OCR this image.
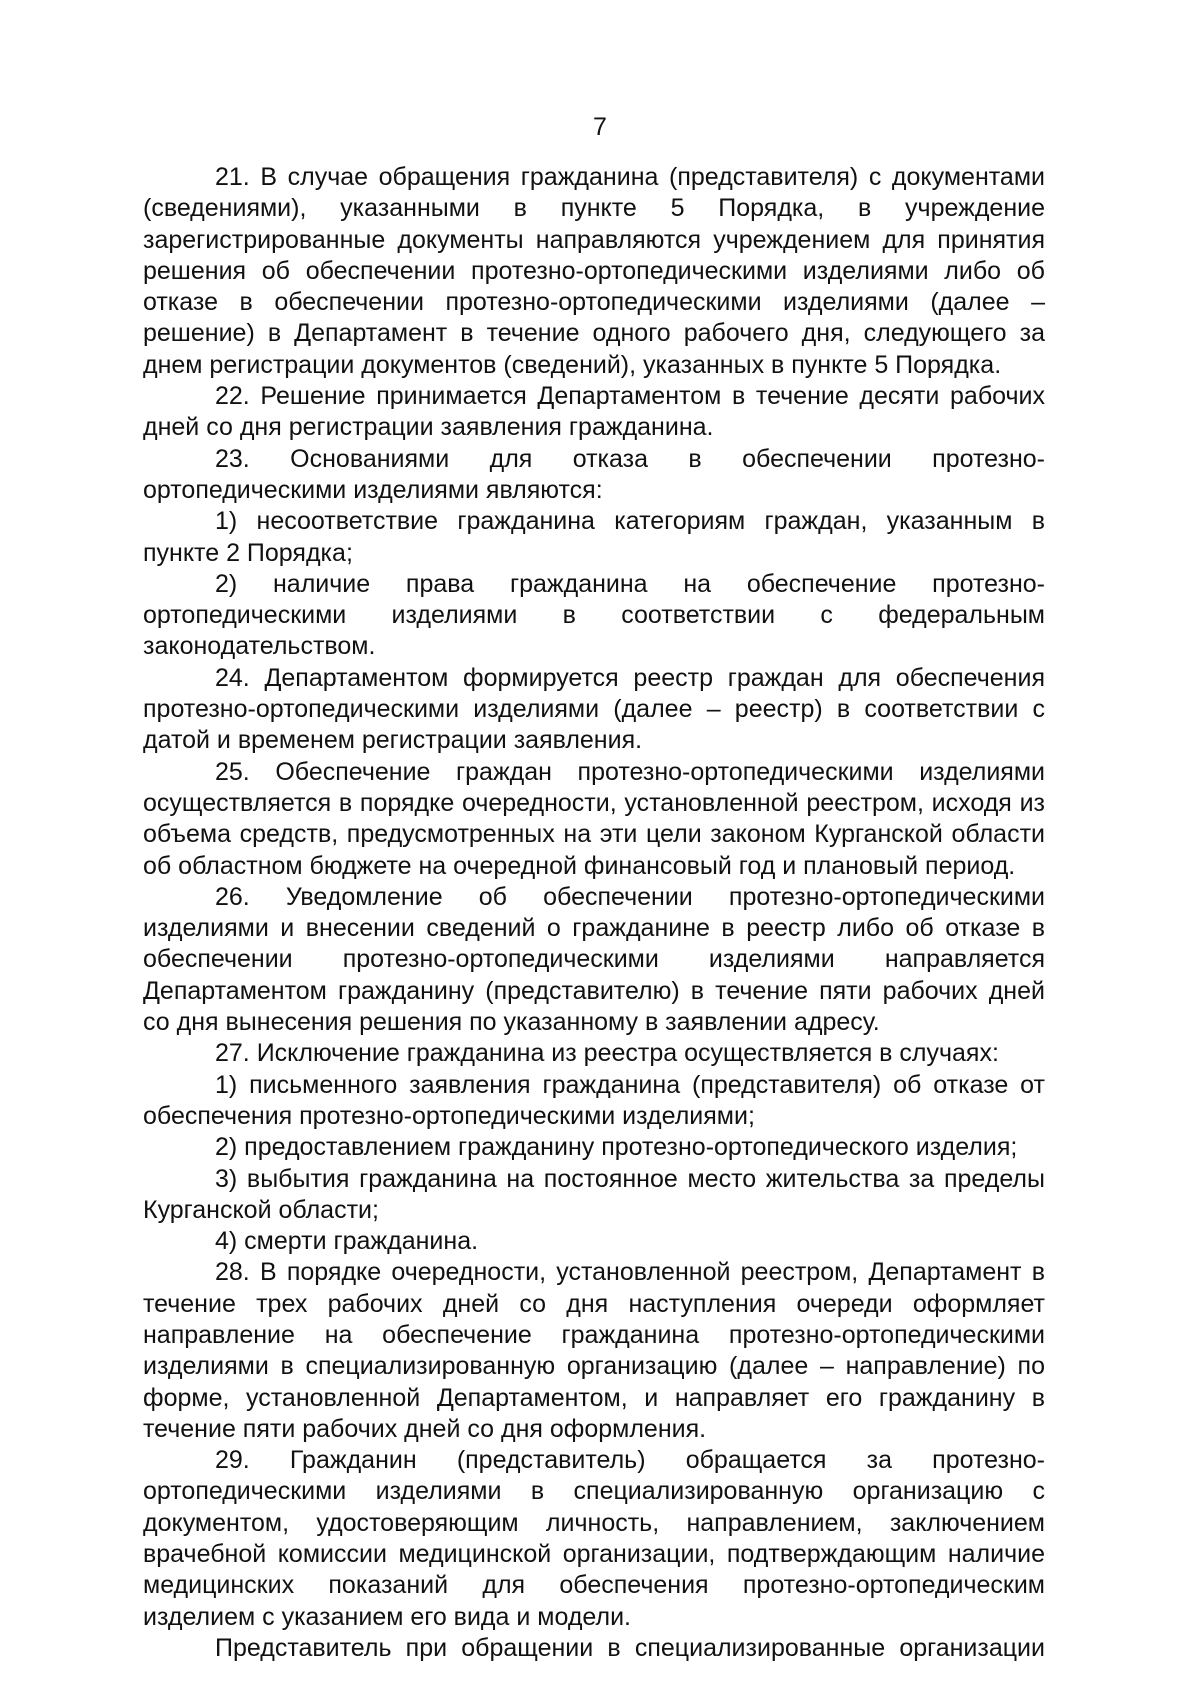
7

21. В случае обращения гражданина (представителя) с документами (сведениями), указанными в пункте 5 Порядка, в учреждение зарегистрированные документы направляются учреждением для принятия решения об обеспечении протезно-ортопедическими изделиями либо об отказе в обеспечении протезно-ортопедическими изделиями (далее – решение) в Департамент в течение одного рабочего дня, следующего за днем регистрации документов (сведений), указанных в пункте 5 Порядка.

22. Решение принимается Департаментом в течение десяти рабочих дней со дня регистрации заявления гражданина.

23. Основаниями для отказа в обеспечении протезно-ортопедическими изделиями являются:

1) несоответствие гражданина категориям граждан, указанным в пункте 2 Порядка;

2) наличие права гражданина на обеспечение протезно-ортопедическими изделиями в соответствии с федеральным законодательством.

24. Департаментом формируется реестр граждан для обеспечения протезно-ортопедическими изделиями (далее – реестр) в соответствии с датой и временем регистрации заявления.

25. Обеспечение граждан протезно-ортопедическими изделиями осуществляется в порядке очередности, установленной реестром, исходя из объема средств, предусмотренных на эти цели законом Курганской области об областном бюджете на очередной финансовый год и плановый период.

26. Уведомление об обеспечении протезно-ортопедическими изделиями и внесении сведений о гражданине в реестр либо об отказе в обеспечении протезно-ортопедическими изделиями направляется Департаментом гражданину (представителю) в течение пяти рабочих дней со дня вынесения решения по указанному в заявлении адресу.

27. Исключение гражданина из реестра осуществляется в случаях:

1) письменного заявления гражданина (представителя) об отказе от обеспечения протезно-ортопедическими изделиями;

2) предоставлением гражданину протезно-ортопедического изделия;

3) выбытия гражданина на постоянное место жительства за пределы Курганской области;

4) смерти гражданина.

28. В порядке очередности, установленной реестром, Департамент в течение трех рабочих дней со дня наступления очереди оформляет направление на обеспечение гражданина протезно-ортопедическими изделиями в специализированную организацию (далее – направление) по форме, установленной Департаментом, и направляет его гражданину в течение пяти рабочих дней со дня оформления.

29. Гражданин (представитель) обращается за протезно-ортопедическими изделиями в специализированную организацию с документом, удостоверяющим личность, направлением, заключением врачебной комиссии медицинской организации, подтверждающим наличие медицинских показаний для обеспечения протезно-ортопедическим изделием с указанием его вида и модели.

Представитель при обращении в специализированные организации
